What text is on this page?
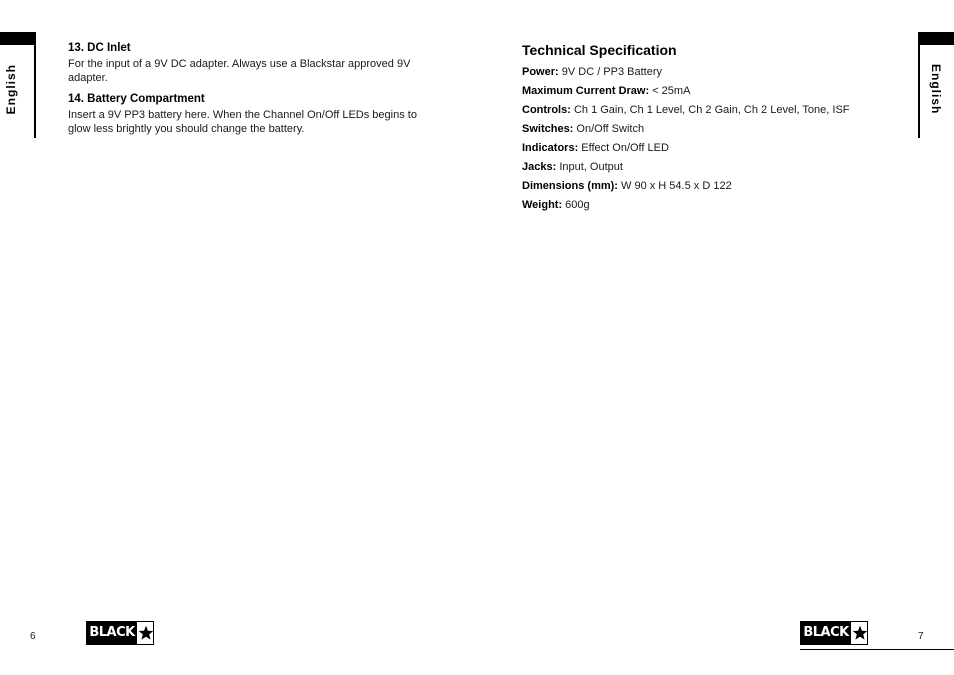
English	English

13. DC Inlet

For the input of a 9V DC adapter. Always use a Blackstar approved 9V adapter.

14. Battery Compartment

Insert a 9V PP3 battery here. When the Channel On/Off LEDs begins to glow less brightly you should change the battery.

Technical Specification

Power: 9V DC / PP3 Battery
Maximum Current Draw: < 25mA
Controls: Ch 1 Gain, Ch 1 Level, Ch 2 Gain, Ch 2 Level, Tone, ISF
Switches: On/Off Switch
Indicators: Effect On/Off LED
Jacks: Input, Output
Dimensions (mm): W 90 x H 54.5 x D 122
Weight: 600g
6	BLACK	BLACK	7
